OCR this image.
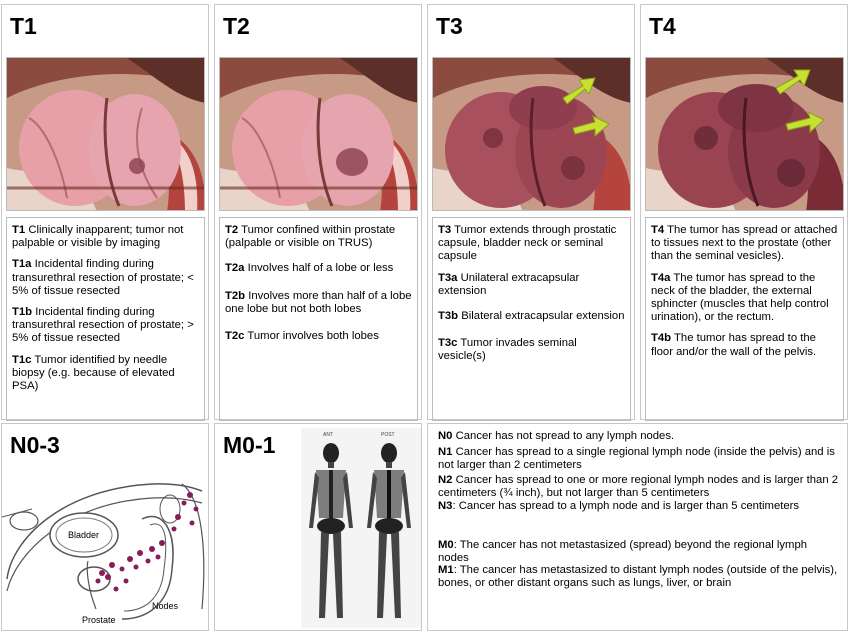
T1

T1 Clinically inapparent; tumor not palpable or visible by imaging

T1a Incidental finding during transurethral resection of prostate; < 5% of tissue resected

T1b Incidental finding during transurethral resection of prostate; > 5% of tissue resected

T1c Tumor identified by needle biopsy (e.g. because of elevated PSA)

T2

T2 Tumor confined within prostate (palpable or visible on TRUS)

T2a Involves half of a lobe or less

T2b Involves more than half of a lobe one lobe but not both lobes

T2c Tumor involves both lobes

T3

T3 Tumor extends through prostatic capsule, bladder neck or seminal capsule

T3a Unilateral extracapsular extension

T3b Bilateral extracapsular extension

T3c Tumor invades seminal vesicle(s)

T4

T4 The tumor has spread or attached to tissues next to the prostate (other than the seminal vesicles).

T4a The tumor has spread to the neck of the bladder, the external sphincter (muscles that help control urination), or the rectum.

T4b The tumor has spread to the floor and/or the wall of the pelvis.

N0-3
Bladder
Prostate
Nodes
M0-1	ANT	POST	N0 Cancer has not spread to any lymph nodes.

N1 Cancer has spread to a single regional lymph node (inside the pelvis) and is not larger than 2 centimeters

N2 Cancer has spread to one or more regional lymph nodes and is larger than 2 centimeters (¾ inch), but not larger than 5 centimeters

N3: Cancer has spread to a lymph node and is larger than 5 centimeters

M0: The cancer has not metastasized (spread) beyond the regional lymph nodes

M1: The cancer has metastasized to distant lymph nodes (outside of the pelvis), bones, or other distant organs such as lungs, liver, or brain
